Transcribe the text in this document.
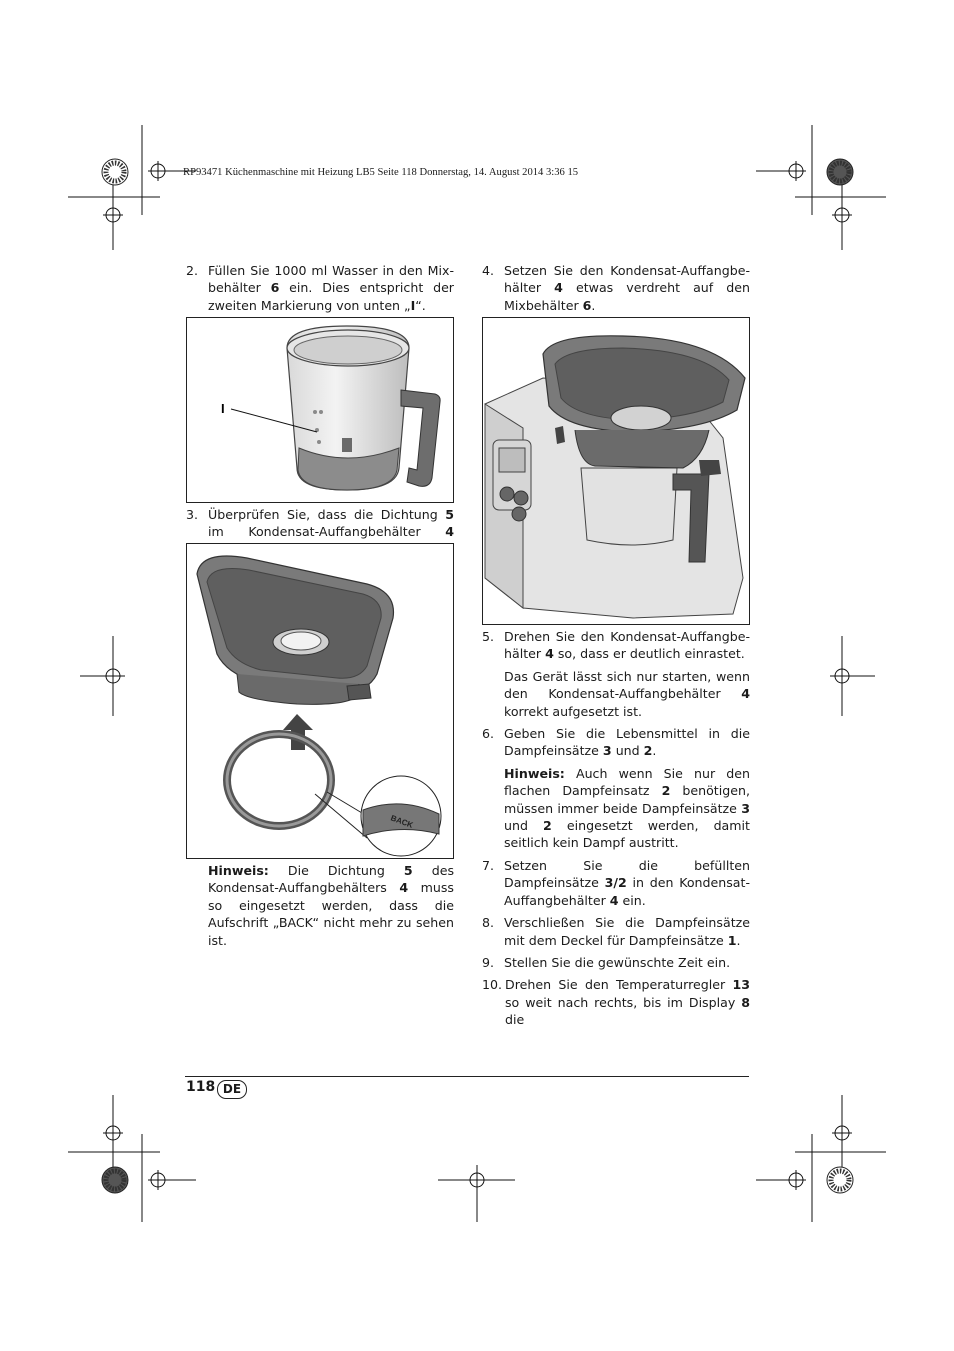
RP93471 Küchenmaschine mit Heizung LB5 Seite 118 Donnerstag, 14. August 2014 3:36 15
2. Füllen Sie 1000 ml Wasser in den Mixbehälter 6 ein. Dies entspricht der zweiten Markierung von unten „I“.
I
3. Überprüfen Sie, dass die Dichtung 5 im Kondensat-Auffangbehälter 4
BACK
Hinweis: Die Dichtung 5 des Kondensat-Auffangbehälters 4 muss so eingesetzt werden, dass die Aufschrift „BACK“ nicht mehr zu sehen ist.
4. Setzen Sie den Kondensat-Auffangbehälter 4 etwas verdreht auf den Mixbehälter 6.
5. Drehen Sie den Kondensat-Auffangbehälter 4 so, dass er deutlich einrastet.
Das Gerät lässt sich nur starten, wenn den Kondensat-Auffangbehälter 4 korrekt aufgesetzt ist.
6. Geben Sie die Lebensmittel in die Dampfeinsätze 3 und 2.
Hinweis: Auch wenn Sie nur den flachen Dampfeinsatz 2 benötigen, müssen immer beide Dampfeinsätze 3 und 2 eingesetzt werden, damit seitlich kein Dampf austritt.
7. Setzen Sie die befüllten Dampfeinsätze 3/2 in den Kondensat-Auffangbehälter 4 ein.
8. Verschließen Sie die Dampfeinsätze mit dem Deckel für Dampfeinsätze 1.
9. Stellen Sie die gewünschte Zeit ein.
10. Drehen Sie den Temperaturregler 13 so weit nach rechts, bis im Display 8 die
118 DE
